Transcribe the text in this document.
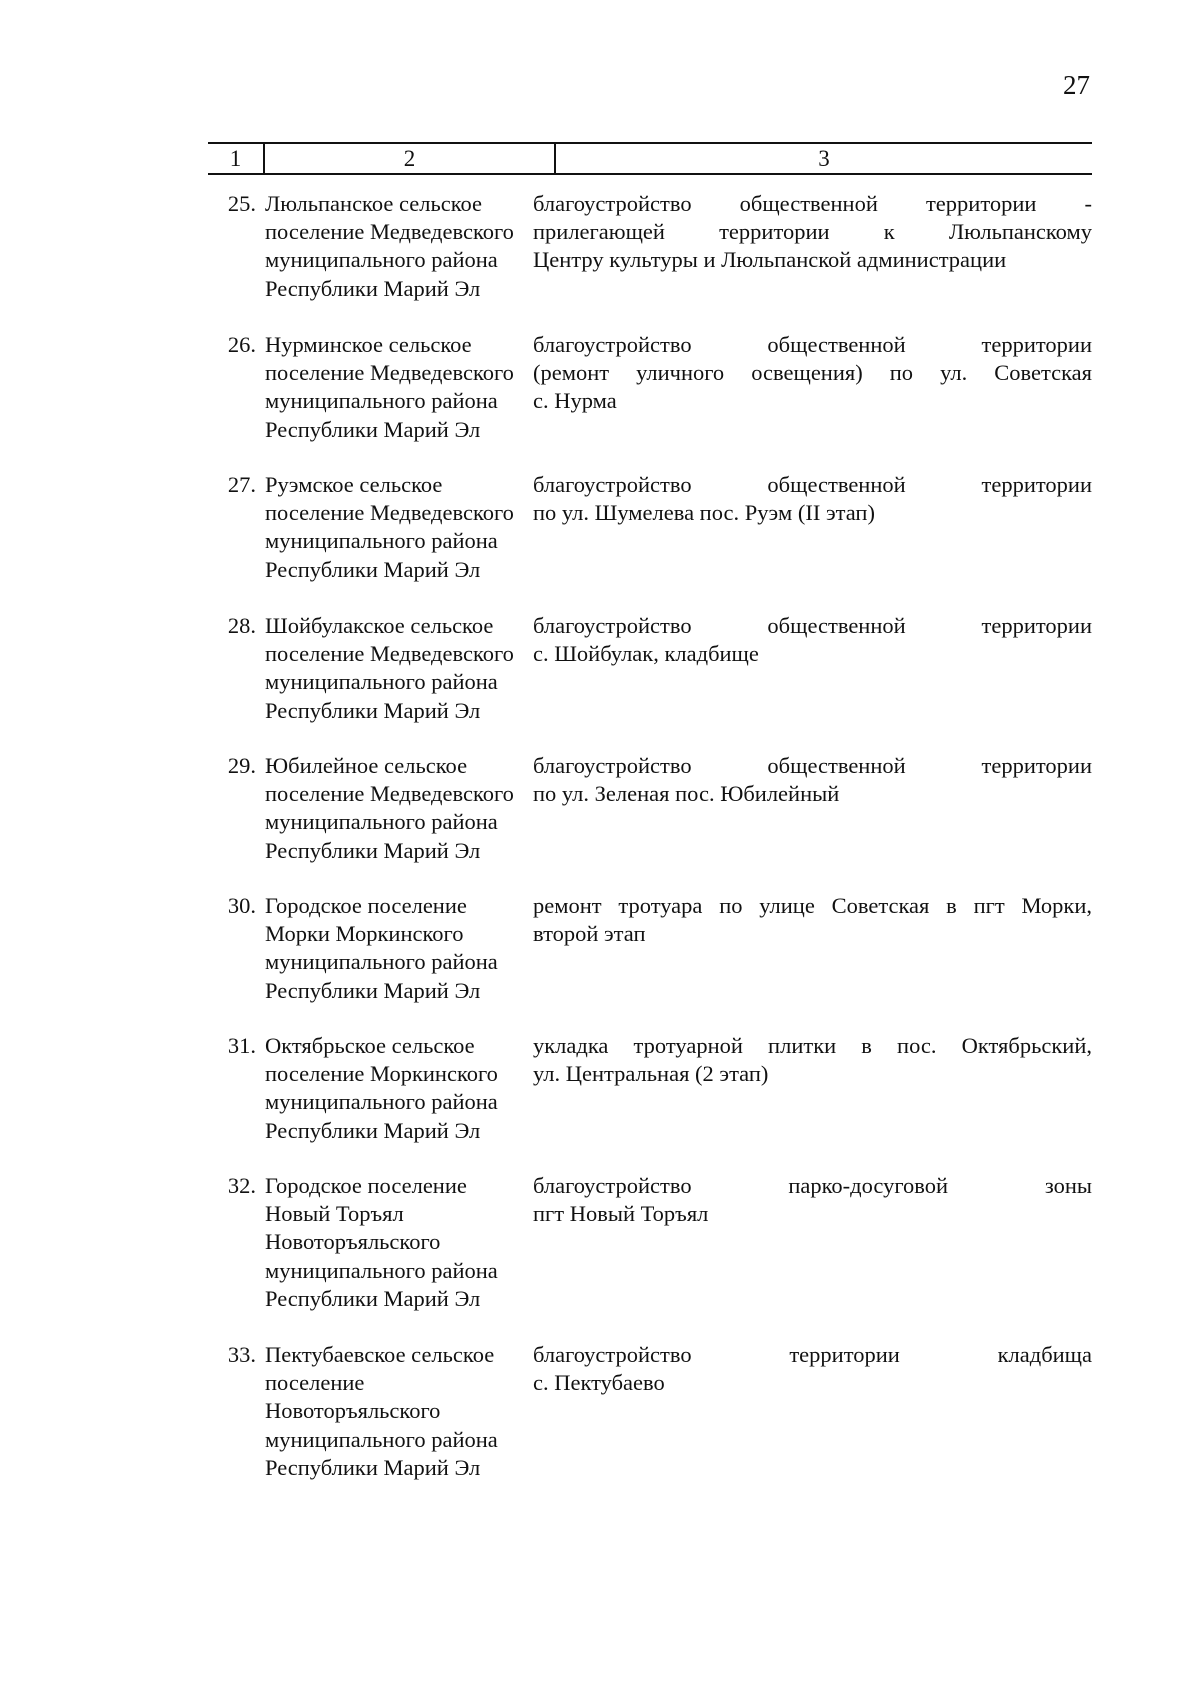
27
1	2	3
25. Люльпанское сельское
поселение Медведевского
муниципального района
Республики Марий Эл
благоустройство общественной территории -
прилегающей территории к Люльпанскому
Центру культуры и Люльпанской администрации
26. Нурминское сельское
поселение Медведевского
муниципального района
Республики Марий Эл
благоустройство общественной территории
(ремонт уличного освещения) по ул. Советская
с. Нурма
27. Руэмское сельское
поселение Медведевского
муниципального района
Республики Марий Эл
благоустройство общественной территории
по ул. Шумелева пос. Руэм (II этап)
28. Шойбулакское сельское
поселение Медведевского
муниципального района
Республики Марий Эл
благоустройство общественной территории
с. Шойбулак, кладбище
29. Юбилейное сельское
поселение Медведевского
муниципального района
Республики Марий Эл
благоустройство общественной территории
по ул. Зеленая пос. Юбилейный
30. Городское поселение
Морки Моркинского
муниципального района
Республики Марий Эл
ремонт тротуара по улице Советская в пгт Морки,
второй этап
31. Октябрьское сельское
поселение Моркинского
муниципального района
Республики Марий Эл
укладка тротуарной плитки в пос. Октябрьский,
ул. Центральная (2 этап)
32. Городское поселение
Новый Торъял
Новоторъяльского
муниципального района
Республики Марий Эл
благоустройство парко-досуговой зоны
пгт Новый Торъял
33. Пектубаевское сельское
поселение
Новоторъяльского
муниципального района
Республики Марий Эл
благоустройство территории кладбища
с. Пектубаево
